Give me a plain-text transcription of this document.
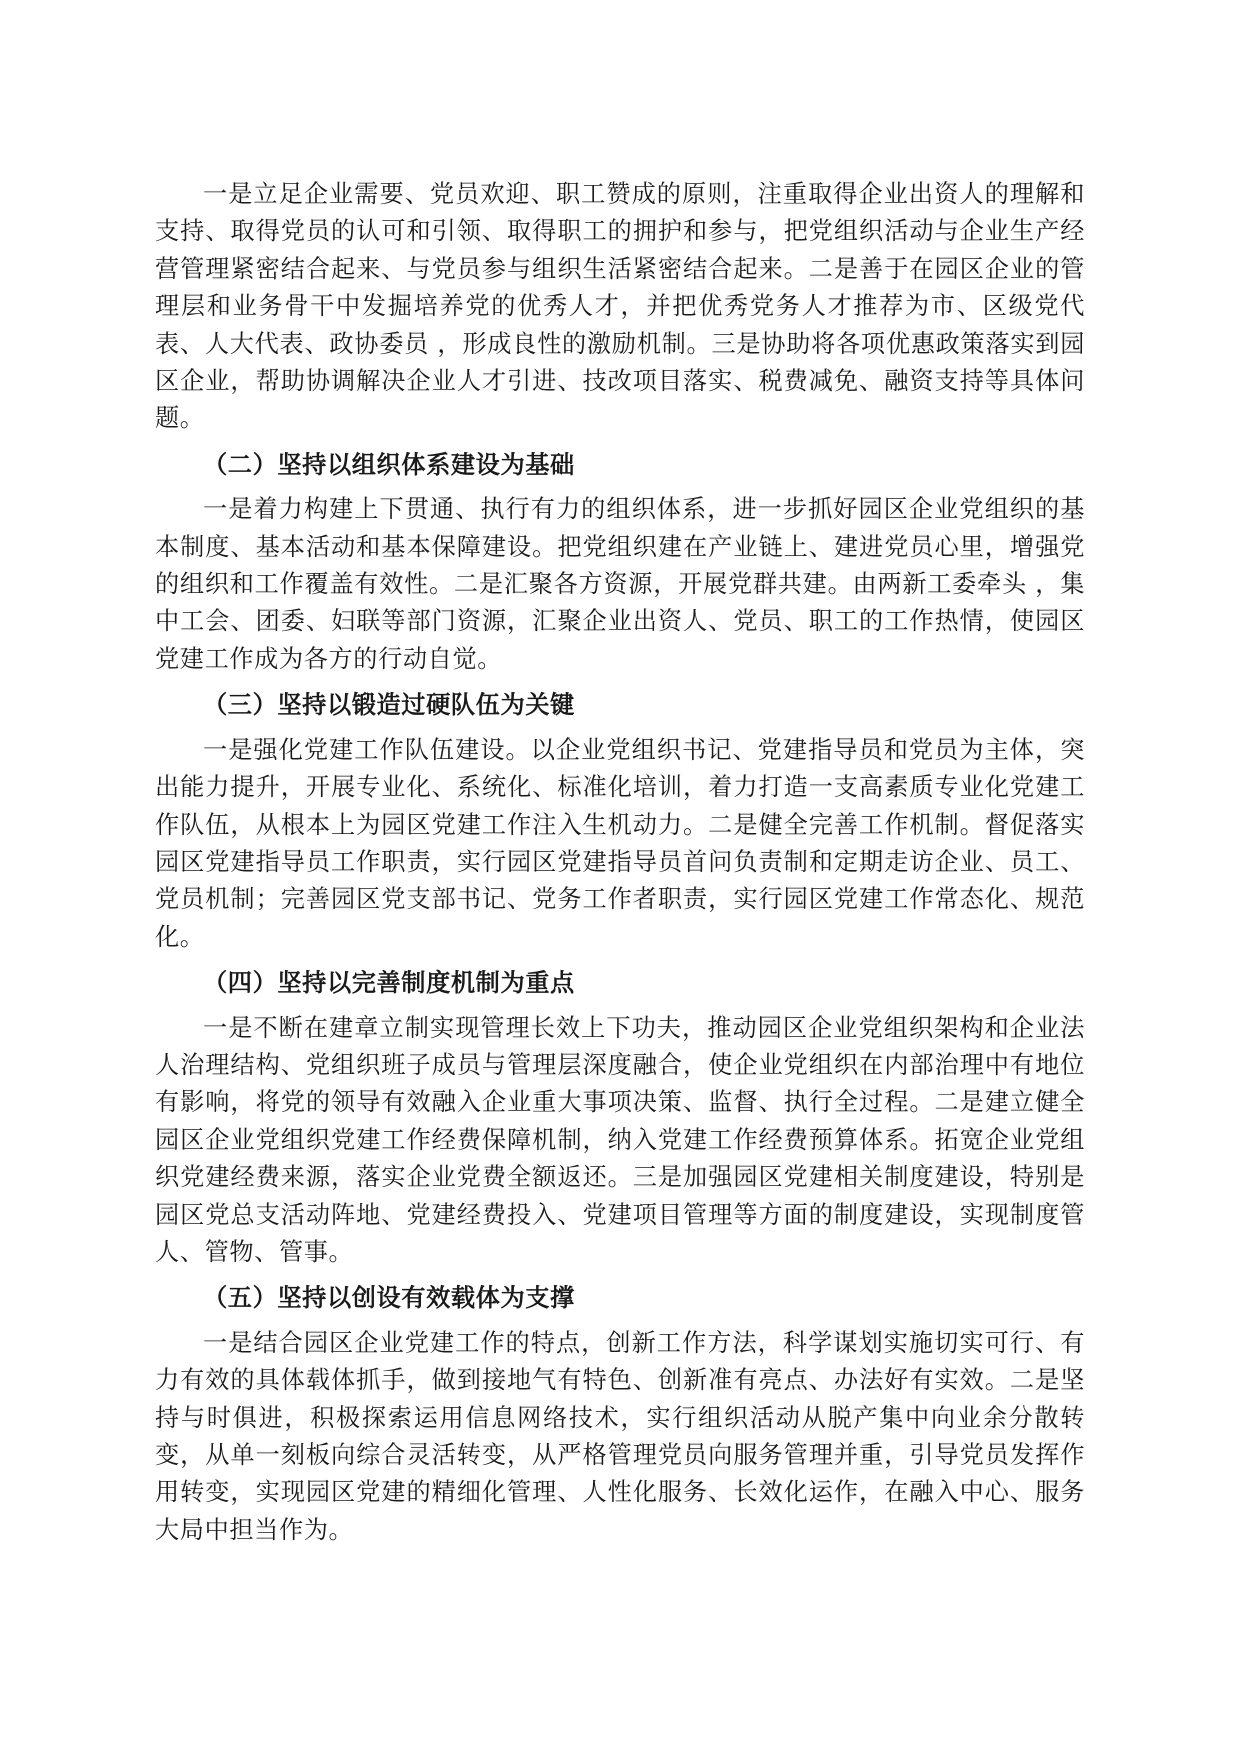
一是立足企业需要、党员欢迎、职工赞成的原则，注重取得企业出资人的理解和支持、取得党员的认可和引领、取得职工的拥护和参与，把党组织活动与企业生产经营管理紧密结合起来、与党员参与组织生活紧密结合起来。二是善于在园区企业的管理层和业务骨干中发掘培养党的优秀人才，并把优秀党务人才推荐为市、区级党代表、人大代表、政协委员 ，形成良性的激励机制。三是协助将各项优惠政策落实到园区企业，帮助协调解决企业人才引进、技改项目落实、税费减免、融资支持等具体问题。

（二）坚持以组织体系建设为基础

一是着力构建上下贯通、执行有力的组织体系，进一步抓好园区企业党组织的基本制度、基本活动和基本保障建设。把党组织建在产业链上、建进党员心里，增强党的组织和工作覆盖有效性。二是汇聚各方资源，开展党群共建。由两新工委牵头 ，集中工会、团委、妇联等部门资源，汇聚企业出资人、党员、职工的工作热情，使园区党建工作成为各方的行动自觉。

（三）坚持以锻造过硬队伍为关键

一是强化党建工作队伍建设。以企业党组织书记、党建指导员和党员为主体，突出能力提升，开展专业化、系统化、标准化培训，着力打造一支高素质专业化党建工作队伍，从根本上为园区党建工作注入生机动力。二是健全完善工作机制。督促落实园区党建指导员工作职责，实行园区党建指导员首问负责制和定期走访企业、员工、党员机制；完善园区党支部书记、党务工作者职责，实行园区党建工作常态化、规范化。

（四）坚持以完善制度机制为重点

一是不断在建章立制实现管理长效上下功夫，推动园区企业党组织架构和企业法人治理结构、党组织班子成员与管理层深度融合，使企业党组织在内部治理中有地位有影响，将党的领导有效融入企业重大事项决策、监督、执行全过程。二是建立健全园区企业党组织党建工作经费保障机制，纳入党建工作经费预算体系。拓宽企业党组织党建经费来源，落实企业党费全额返还。三是加强园区党建相关制度建设，特别是园区党总支活动阵地、党建经费投入、党建项目管理等方面的制度建设，实现制度管人、管物、管事。

（五）坚持以创设有效载体为支撑

一是结合园区企业党建工作的特点，创新工作方法，科学谋划实施切实可行、有力有效的具体载体抓手，做到接地气有特色、创新准有亮点、办法好有实效。二是坚持与时俱进，积极探索运用信息网络技术，实行组织活动从脱产集中向业余分散转变，从单一刻板向综合灵活转变，从严格管理党员向服务管理并重，引导党员发挥作用转变，实现园区党建的精细化管理、人性化服务、长效化运作，在融入中心、服务大局中担当作为。
